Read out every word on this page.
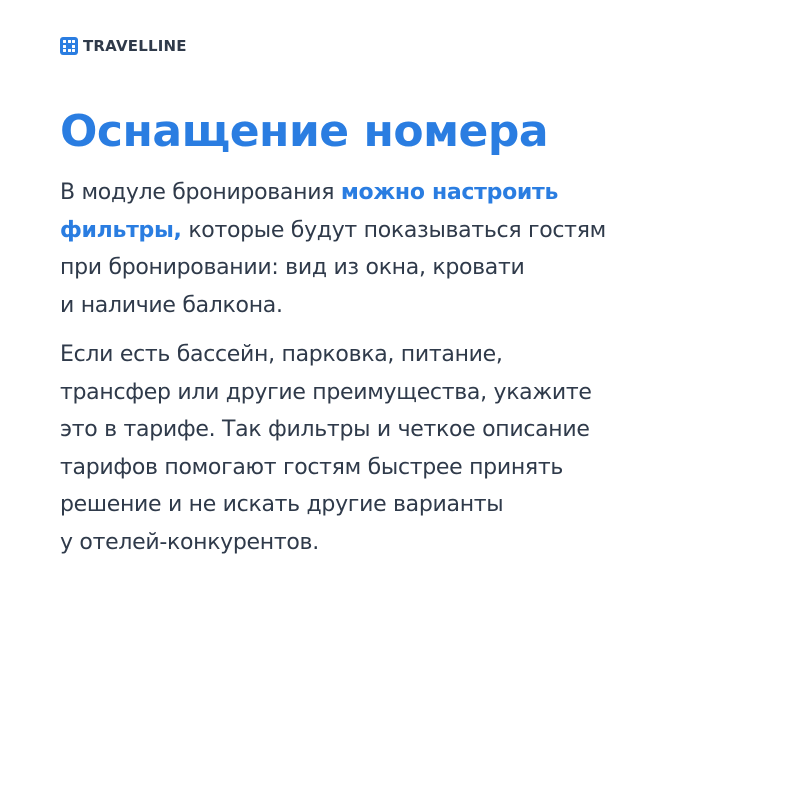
TRAVELLINE
Оснащение номера

В модуле бронирования можно настроить
фильтры, которые будут показываться гостям
при бронировании: вид из окна, кровати
и наличие балкона.

Если есть бассейн, парковка, питание,
трансфер или другие преимущества, укажите
это в тарифе. Так фильтры и четкое описание
тарифов помогают гостям быстрее принять
решение и не искать другие варианты
у отелей-конкурентов.
